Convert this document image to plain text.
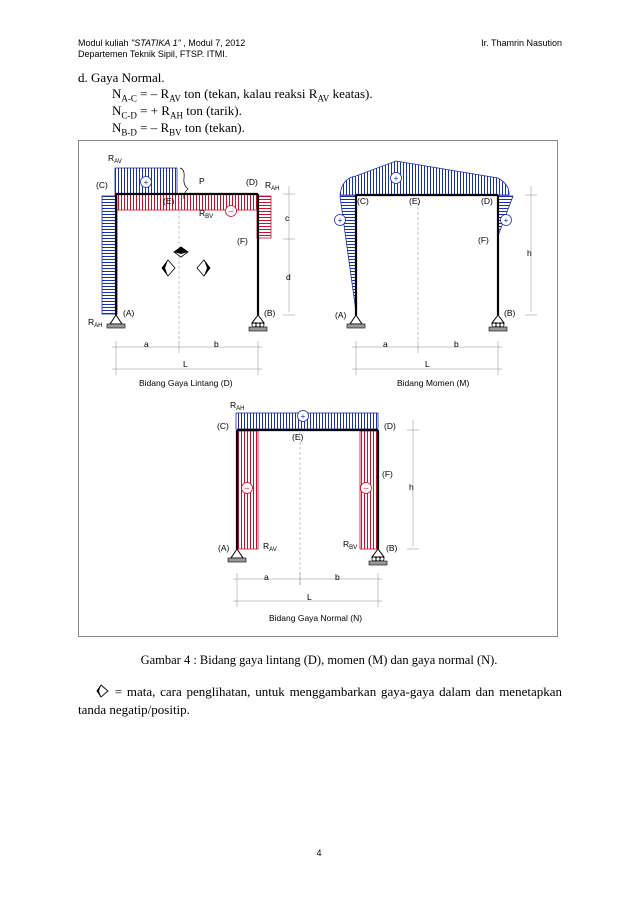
Modul kuliah "STATIKA 1" , Modul 7, 2012
Departemen Teknik Sipil, FTSP. ITMI.
Ir. Thamrin Nasution
d. Gaya Normal.
$N_{A-C}$ = – $R_{AV}$ ton (tekan, kalau reaksi $R_{AV}$ keatas).
$N_{C-D}$ = + $R_{AH}$ ton (tarik).
$N_{B-D}$ = – $R_{BV}$ ton (tekan).
+
–
$R_{AV}$
(C)	P	(D) $R_{AH}$
(E)
$R_{BV}$	c
(F)
d
(A)	(B)
$R_{AH}$
a	b
L
Bidang Gaya Lintang (D)
+
+	+
(C)	(E)	(D)
(F)
h
(A)	(B)
a	b
L
Bidang Momen (M)
+
–	–
$R_{AH}$
(C)	(D)
(E)
(F)
h
(A)	$R_{AV}$
$R_{BV}$	(B)
a	b
L
Bidang Gaya Normal (N)
Gambar 4 : Bidang gaya lintang (D), momen (M) dan gaya normal (N).
= mata, cara penglihatan, untuk menggambarkan gaya-gaya dalam dan menetapkan tanda negatip/positip.
4
